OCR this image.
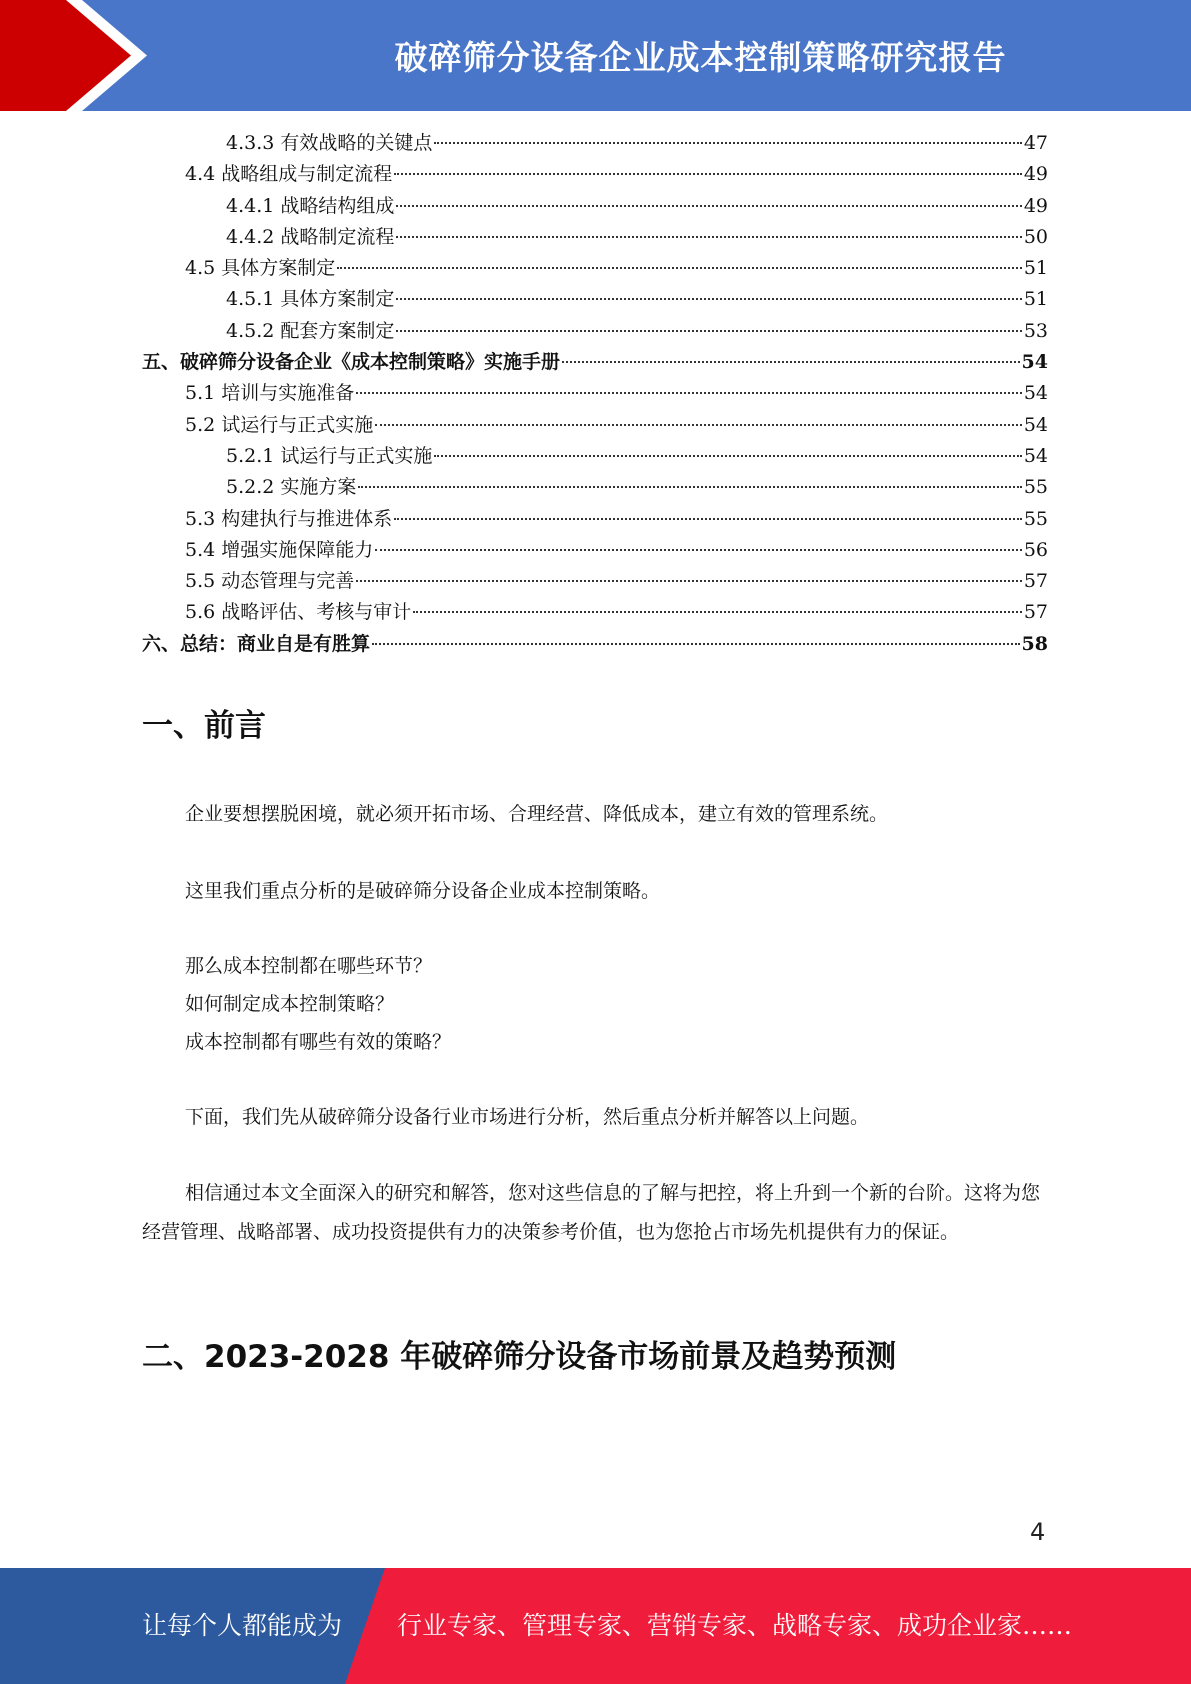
破碎筛分设备企业成本控制策略研究报告
4.3.3 有效战略的关键点	47
4.4 战略组成与制定流程	49
4.4.1 战略结构组成	49
4.4.2 战略制定流程	50
4.5 具体方案制定	51
4.5.1 具体方案制定	51
4.5.2 配套方案制定	53
五、破碎筛分设备企业《成本控制策略》实施手册	54
5.1 培训与实施准备	54
5.2 试运行与正式实施	54
5.2.1 试运行与正式实施	54
5.2.2 实施方案	55
5.3 构建执行与推进体系	55
5.4 增强实施保障能力	56
5.5 动态管理与完善	57
5.6 战略评估、考核与审计	57
六、总结：商业自是有胜算	58
一、前言
企业要想摆脱困境，就必须开拓市场、合理经营、降低成本，建立有效的管理系统。
这里我们重点分析的是破碎筛分设备企业成本控制策略。
那么成本控制都在哪些环节？
如何制定成本控制策略？
成本控制都有哪些有效的策略？
下面，我们先从破碎筛分设备行业市场进行分析，然后重点分析并解答以上问题。
相信通过本文全面深入的研究和解答，您对这些信息的了解与把控，将上升到一个新的台阶。这将为您经营管理、战略部署、成功投资提供有力的决策参考价值，也为您抢占市场先机提供有力的保证。
二、2023-2028 年破碎筛分设备市场前景及趋势预测
4
让每个人都能成为 行业专家、管理专家、营销专家、战略专家、成功企业家……
